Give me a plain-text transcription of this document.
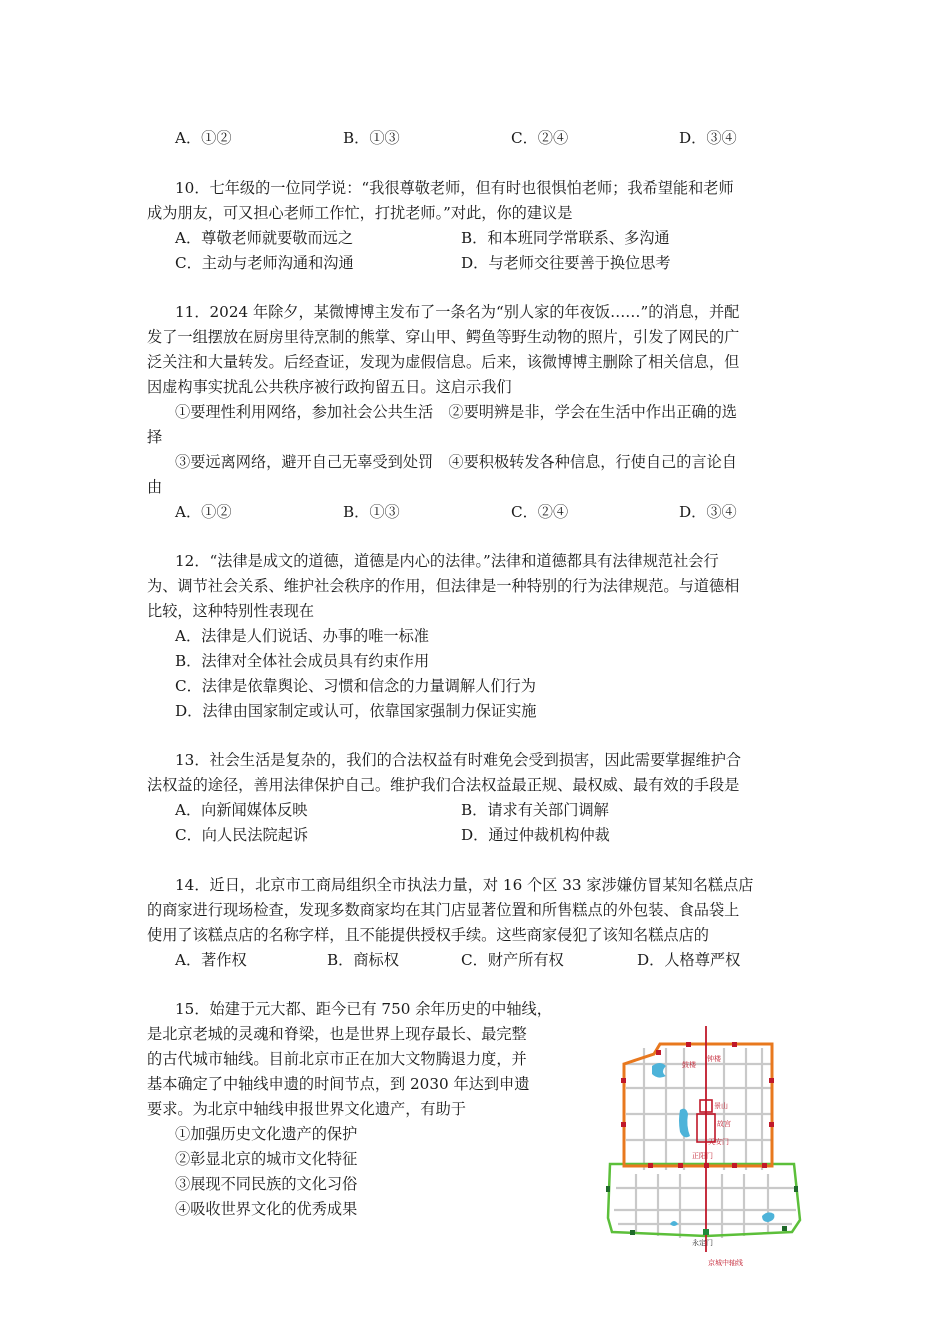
A．①②	B．①③	C．②④	D．③④
10．七年级的一位同学说：“我很尊敬老师，但有时也很惧怕老师；我希望能和老师
成为朋友，可又担心老师工作忙，打扰老师。”对此，你的建议是
A．尊敬老师就要敬而远之	B．和本班同学常联系、多沟通
C．主动与老师沟通和沟通	D．与老师交往要善于换位思考
11．2024 年除夕，某微博博主发布了一条名为“别人家的年夜饭……”的消息，并配
发了一组摆放在厨房里待烹制的熊掌、穿山甲、鳄鱼等野生动物的照片，引发了网民的广
泛关注和大量转发。后经查证，发现为虚假信息。后来，该微博博主删除了相关信息，但
因虚构事实扰乱公共秩序被行政拘留五日。这启示我们
①要理性利用网络，参加社会公共生活　②要明辨是非，学会在生活中作出正确的选
择
③要远离网络，避开自己无辜受到处罚　④要积极转发各种信息，行使自己的言论自
由
A．①②	B．①③	C．②④	D．③④
12．“法律是成文的道德，道德是内心的法律。”法律和道德都具有法律规范社会行
为、调节社会关系、维护社会秩序的作用，但法律是一种特别的行为法律规范。与道德相
比较，这种特别性表现在
A．法律是人们说话、办事的唯一标准
B．法律对全体社会成员具有约束作用
C．法律是依靠舆论、习惯和信念的力量调解人们行为
D．法律由国家制定或认可，依靠国家强制力保证实施
13．社会生活是复杂的，我们的合法权益有时难免会受到损害，因此需要掌握维护合
法权益的途径，善用法律保护自己。维护我们合法权益最正规、最权威、最有效的手段是
A．向新闻媒体反映	B．请求有关部门调解
C．向人民法院起诉	D．通过仲裁机构仲裁
14．近日，北京市工商局组织全市执法力量，对 16 个区 33 家涉嫌仿冒某知名糕点店
的商家进行现场检查，发现多数商家均在其门店显著位置和所售糕点的外包装、食品袋上
使用了该糕点店的名称字样，且不能提供授权手续。这些商家侵犯了该知名糕点店的
A．著作权	B．商标权	C．财产所有权	D．人格尊严权
15．始建于元大都、距今已有 750 余年历史的中轴线，
是北京老城的灵魂和脊梁，也是世界上现存最长、最完整
的古代城市轴线。目前北京市正在加大文物腾退力度，并
基本确定了中轴线申遗的时间节点，到 2030 年达到申遗
要求。为北京中轴线申报世界文化遗产，有助于
①加强历史文化遗产的保护
②彰显北京的城市文化特征
③展现不同民族的文化习俗
④吸收世界文化的优秀成果
鼓楼
钟楼
景山
故宫
天安门
正阳门
永定门
京城中轴线
